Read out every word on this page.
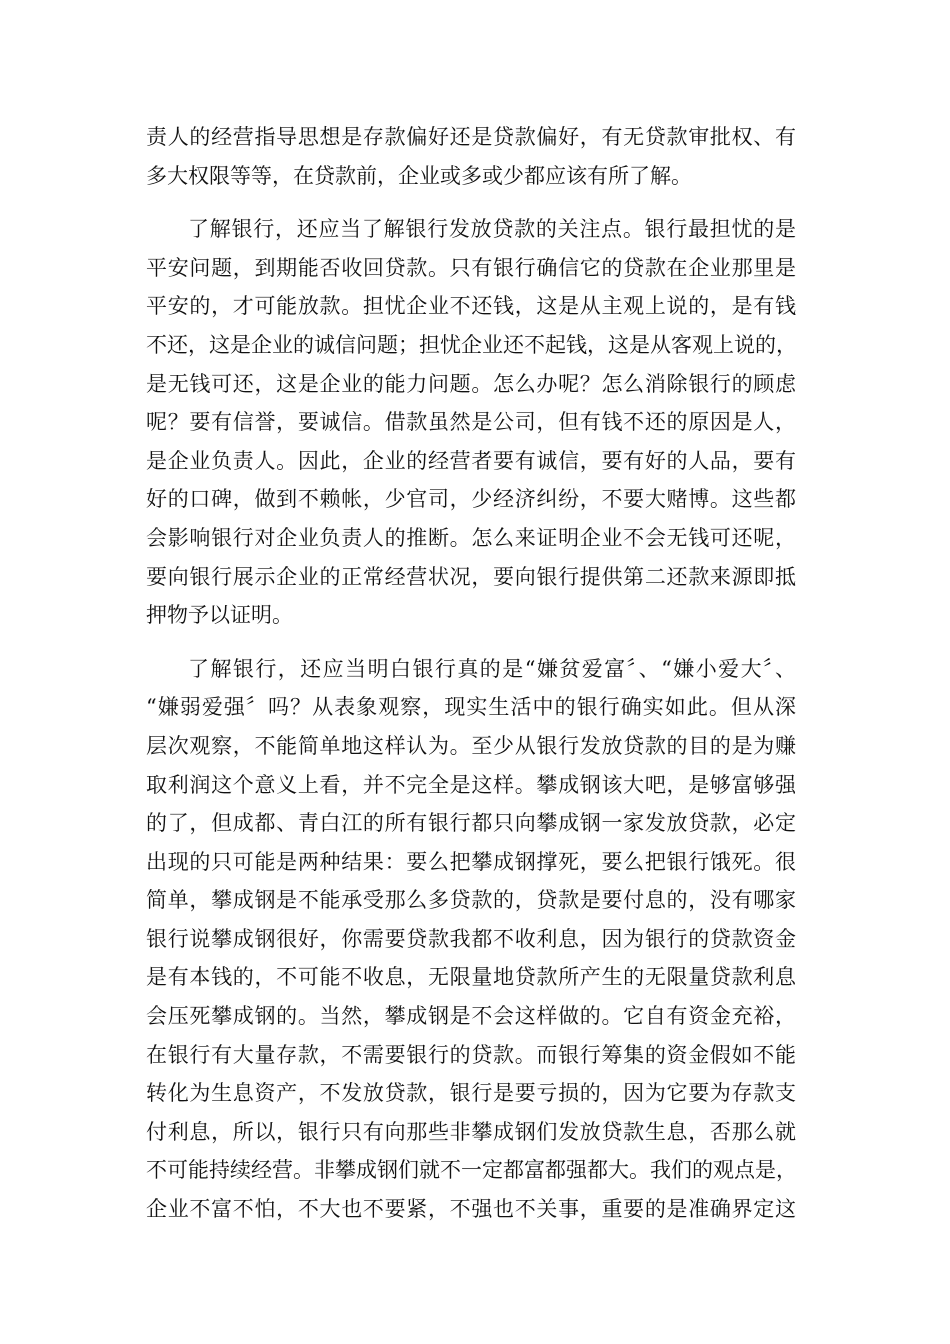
责人的经营指导思想是存款偏好还是贷款偏好，有无贷款审批权、有
多大权限等等，在贷款前，企业或多或少都应该有所了解。

了解银行，还应当了解银行发放贷款的关注点。银行最担忧的是
平安问题，到期能否收回贷款。只有银行确信它的贷款在企业那里是
平安的，才可能放款。担忧企业不还钱，这是从主观上说的，是有钱
不还，这是企业的诚信问题；担忧企业还不起钱，这是从客观上说的，
是无钱可还，这是企业的能力问题。怎么办呢？怎么消除银行的顾虑
呢？要有信誉，要诚信。借款虽然是公司，但有钱不还的原因是人，
是企业负责人。因此，企业的经营者要有诚信，要有好的人品，要有
好的口碑，做到不赖帐，少官司，少经济纠纷，不要大赌博。这些都
会影响银行对企业负责人的推断。怎么来证明企业不会无钱可还呢，
要向银行展示企业的正常经营状况，要向银行提供第二还款来源即抵
押物予以证明。

了解银行，还应当明白银行真的是“嫌贫爱富〞、“嫌小爱大〞、
“嫌弱爱强〞吗？从表象观察，现实生活中的银行确实如此。但从深
层次观察，不能简单地这样认为。至少从银行发放贷款的目的是为赚
取利润这个意义上看，并不完全是这样。攀成钢该大吧，是够富够强
的了，但成都、青白江的所有银行都只向攀成钢一家发放贷款，必定
出现的只可能是两种结果：要么把攀成钢撑死，要么把银行饿死。很
简单，攀成钢是不能承受那么多贷款的，贷款是要付息的，没有哪家
银行说攀成钢很好，你需要贷款我都不收利息，因为银行的贷款资金
是有本钱的，不可能不收息，无限量地贷款所产生的无限量贷款利息
会压死攀成钢的。当然，攀成钢是不会这样做的。它自有资金充裕，
在银行有大量存款，不需要银行的贷款。而银行筹集的资金假如不能
转化为生息资产，不发放贷款，银行是要亏损的，因为它要为存款支
付利息，所以，银行只有向那些非攀成钢们发放贷款生息，否那么就
不可能持续经营。非攀成钢们就不一定都富都强都大。我们的观点是，
企业不富不怕，不大也不要紧，不强也不关事，重要的是准确界定这
